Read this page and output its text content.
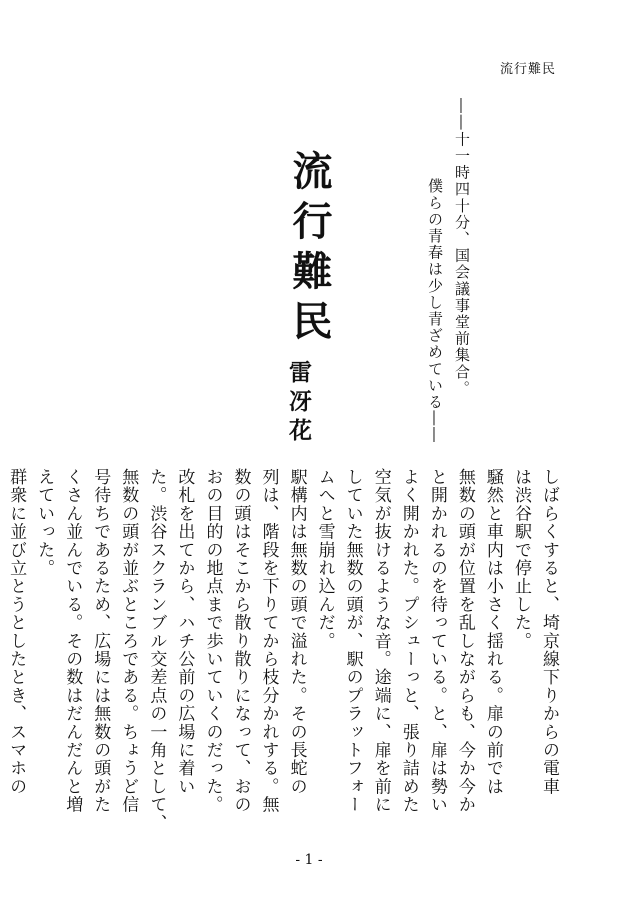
流行難民
――十一時四十分、国会議事堂前集合。
僕らの青春は少し青ざめている――
流行難民
雷冴花
しばらくすると、埼京線下りからの電車
は渋谷駅で停止した。
騒然と車内は小さく揺れる。扉の前では
無数の頭が位置を乱しながらも、今か今か
と開かれるのを待っている。と、扉は勢い
よく開かれた。プシューっと、張り詰めた
空気が抜けるような音。途端に、扉を前に
していた無数の頭が、駅のプラットフォー
ムへと雪崩れ込んだ。
駅構内は無数の頭で溢れた。その長蛇の
列は、階段を下りてから枝分かれする。無
数の頭はそこから散り散りになって、おの
おの目的の地点まで歩いていくのだった。
改札を出てから、ハチ公前の広場に着い
た。渋谷スクランブル交差点の一角として、
無数の頭が並ぶところである。ちょうど信
号待ちであるため、広場には無数の頭がた
くさん並んでいる。その数はだんだんと増
えていった。
群衆に並び立とうとしたとき、スマホの
- 1 -
